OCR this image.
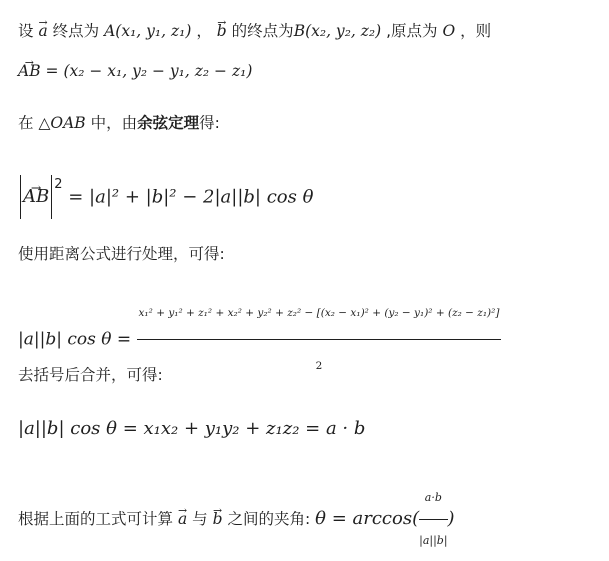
设 → a 终点为 A(x₁, y₁, z₁) ， → b 的终点为B(x₂, y₂, z₂) ,原点为 O ，则
→ AB = (x₂ − x₁, y₂ − y₁, z₂ − z₁)
在 △OAB 中，由余弦定理得:
→ $AB^2 = |a|^2 + |b|^2 - 2|a||b|$ cos θ
使用距离公式进行处理，可得:
|a||b| cos θ =
x₁² + y₁² + z₁² + x₂² + y₂² + z₂² − [(x₂ − x₁)² + (y₂ − y₁)² + (z₂ − z₁)²]
2
去括号后合并，可得:
|a||b| cos θ = x₁x₂ + y₁y₂ + z₁z₂ = a · b
根据上面的工式可计算 → a 与 → b 之间的夹角: $\theta = \arccos( \frac{a\cdot b}{|a||b|}$ )
